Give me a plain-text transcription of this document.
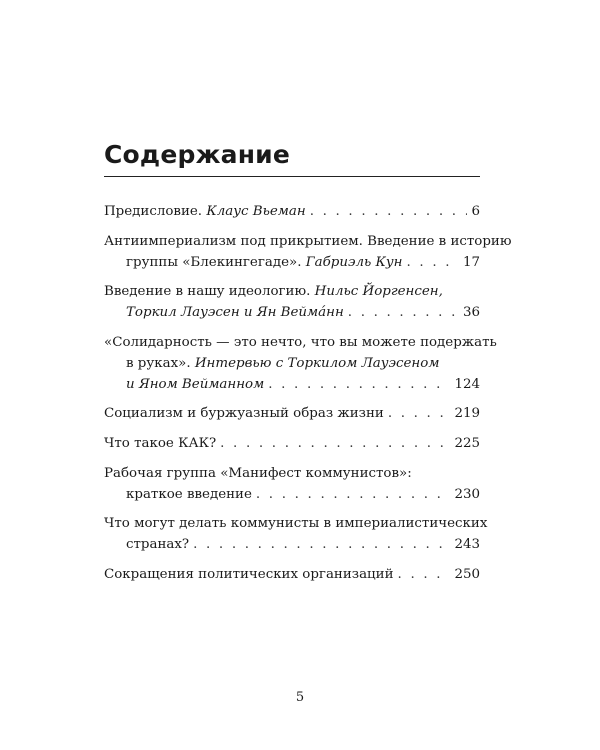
Содержание
Предисловие.
Клаус Вьеман . . .	6
Антиимпериализм под прикрытием. Введение в историю
группы «Блекингегаде».
Габриэль Кун . . .	17
Введение в нашу идеологию.
Нильс Йоргенсен,
Торкил Лауэсен и Ян Веймáнн . . .	36
«Солидарность — это нечто, что вы можете подержать
в руках».
Интервью с Торкилом Лауэсеном
и Яном Вейманном . . .	124
Социализм и буржуазный образ жизни . . .	219
Что такое КАК? . . .	225
Рабочая группа «Манифест коммунистов»:
краткое введение . . .	230
Что могут делать коммунисты в империалистических
странах? . . .	243
Сокращения политических организаций . . .	250
5
